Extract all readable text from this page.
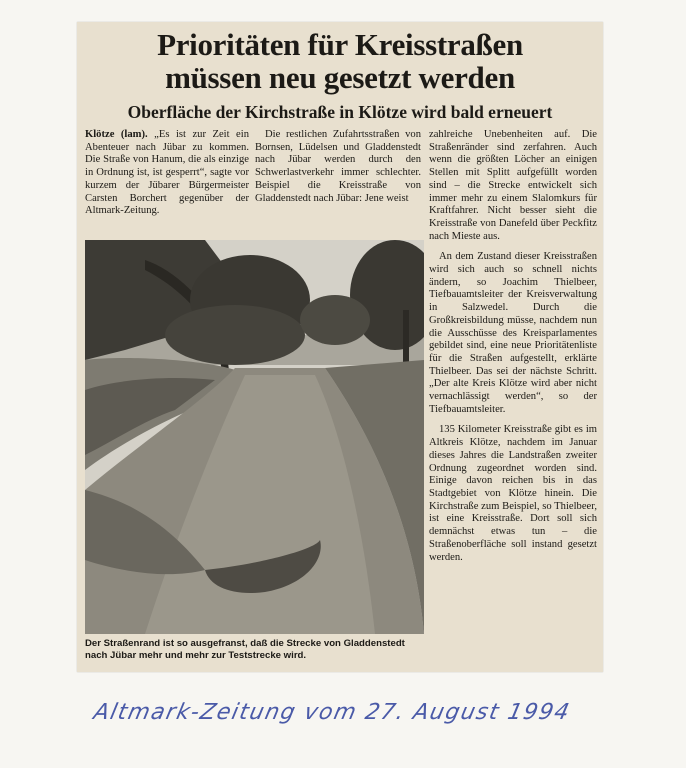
Prioritäten für Kreisstraßen
müssen neu gesetzt werden
Oberfläche der Kirchstraße in Klötze wird bald erneuert

Klötze (lam). „Es ist zur Zeit ein Abenteuer nach Jübar zu kommen. Die Straße von Hanum, die als einzige in Ordnung ist, ist gesperrt“, sagte vor kurzem der Jübarer Bürgermeister Carsten Borchert gegenüber der Altmark-Zeitung.

Die restlichen Zufahrtsstraßen von Bornsen, Lüdelsen und Gladdenstedt nach Jübar werden durch den Schwerlastverkehr immer schlechter. Beispiel die Kreisstraße von Gladdenstedt nach Jübar: Jene weist

zahlreiche Unebenheiten auf. Die Straßenränder sind zerfahren. Auch wenn die größten Löcher an einigen Stellen mit Splitt aufgefüllt worden sind – die Strecke entwickelt sich immer mehr zu einem Slalomkurs für Kraftfahrer. Nicht besser sieht die Kreisstraße von Danefeld über Peckfitz nach Mieste aus.

An dem Zustand dieser Kreisstraßen wird sich auch so schnell nichts ändern, so Joachim Thielbeer, Tiefbauamtsleiter der Kreisverwaltung in Salzwedel. Durch die Großkreisbildung müsse, nachdem nun die Ausschüsse des Kreisparlamentes gebildet sind, eine neue Prioritätenliste für die Straßen aufgestellt, erklärte Thielbeer. Das sei der nächste Schritt. „Der alte Kreis Klötze wird aber nicht vernachlässigt werden“, so der Tiefbauamtsleiter.

135 Kilometer Kreisstraße gibt es im Altkreis Klötze, nachdem im Januar dieses Jahres die Landstraßen zweiter Ordnung zugeordnet worden sind. Einige davon reichen bis in das Stadtgebiet von Klötze hinein. Die Kirchstraße zum Beispiel, so Thielbeer, ist eine Kreisstraße. Dort soll sich demnächst etwas tun – die Straßenoberfläche soll instand gesetzt werden.

Der Straßenrand ist so ausgefranst, daß die Strecke von Gladdenstedt nach Jübar mehr und mehr zur Teststrecke wird.
Altmark-Zeitung vom 27. August 1994
